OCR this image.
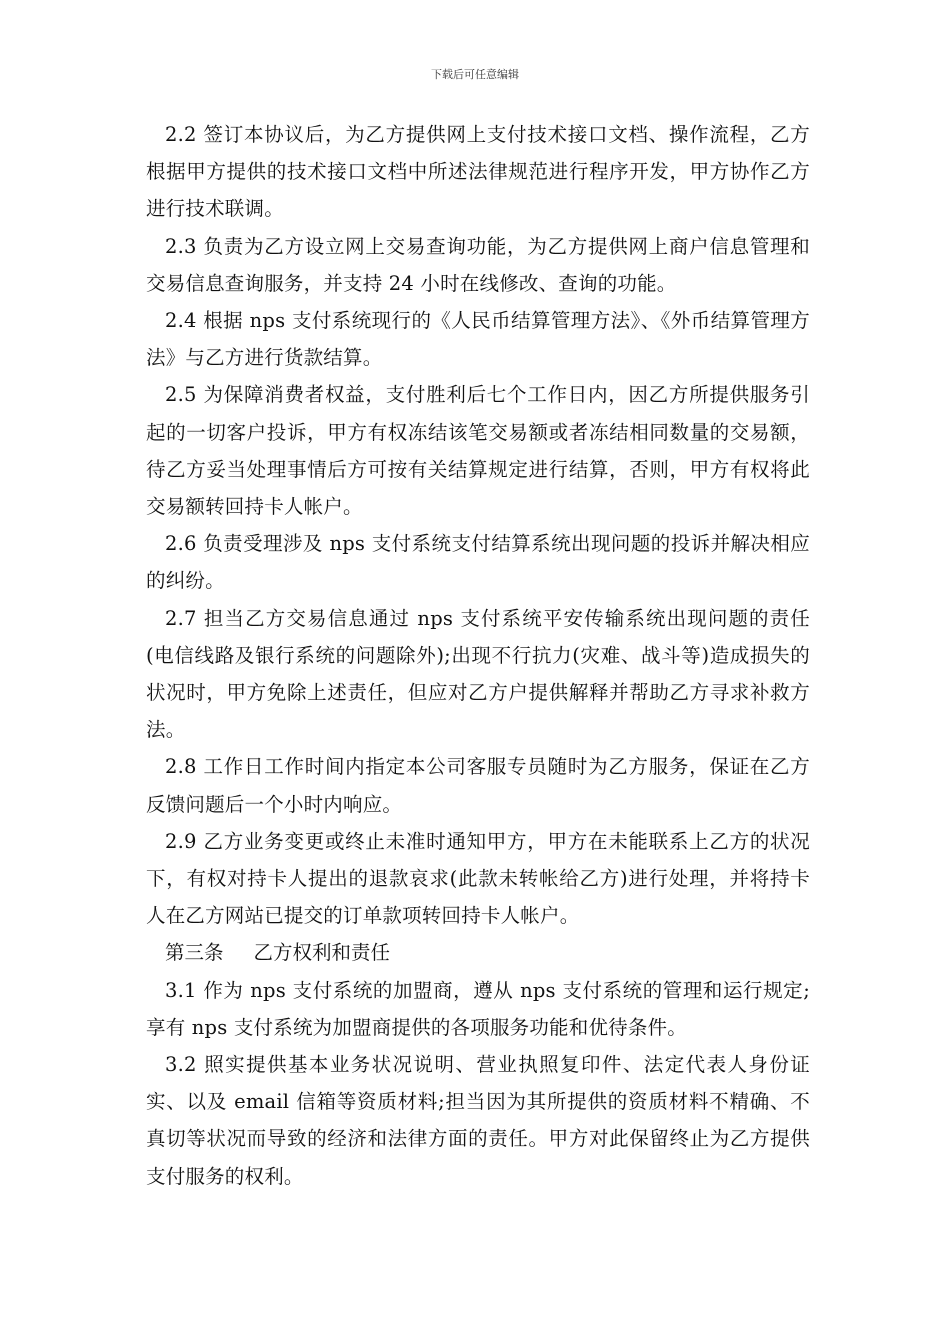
下载后可任意编辑

2.2 签订本协议后，为乙方提供网上支付技术接口文档、操作流程，乙方根据甲方提供的技术接口文档中所述法律规范进行程序开发，甲方协作乙方进行技术联调。

2.3 负责为乙方设立网上交易查询功能，为乙方提供网上商户信息管理和交易信息查询服务，并支持 24 小时在线修改、查询的功能。

2.4 根据 nps 支付系统现行的《人民币结算管理方法》、《外币结算管理方法》与乙方进行货款结算。

2.5 为保障消费者权益，支付胜利后七个工作日内，因乙方所提供服务引起的一切客户投诉，甲方有权冻结该笔交易额或者冻结相同数量的交易额，待乙方妥当处理事情后方可按有关结算规定进行结算，否则，甲方有权将此交易额转回持卡人帐户。

2.6 负责受理涉及 nps 支付系统支付结算系统出现问题的投诉并解决相应的纠纷。

2.7 担当乙方交易信息通过 nps 支付系统平安传输系统出现问题的责任(电信线路及银行系统的问题除外);出现不行抗力(灾难、战斗等)造成损失的状况时，甲方免除上述责任，但应对乙方户提供解释并帮助乙方寻求补救方法。

2.8 工作日工作时间内指定本公司客服专员随时为乙方服务，保证在乙方反馈问题后一个小时内响应。

2.9 乙方业务变更或终止未准时通知甲方，甲方在未能联系上乙方的状况下，有权对持卡人提出的退款哀求(此款未转帐给乙方)进行处理，并将持卡人在乙方网站已提交的订单款项转回持卡人帐户。

第三条 乙方权利和责任

3.1 作为 nps 支付系统的加盟商，遵从 nps 支付系统的管理和运行规定;享有 nps 支付系统为加盟商提供的各项服务功能和优待条件。

3.2 照实提供基本业务状况说明、营业执照复印件、法定代表人身份证实、以及 email 信箱等资质材料;担当因为其所提供的资质材料不精确、不真切等状况而导致的经济和法律方面的责任。甲方对此保留终止为乙方提供支付服务的权利。
